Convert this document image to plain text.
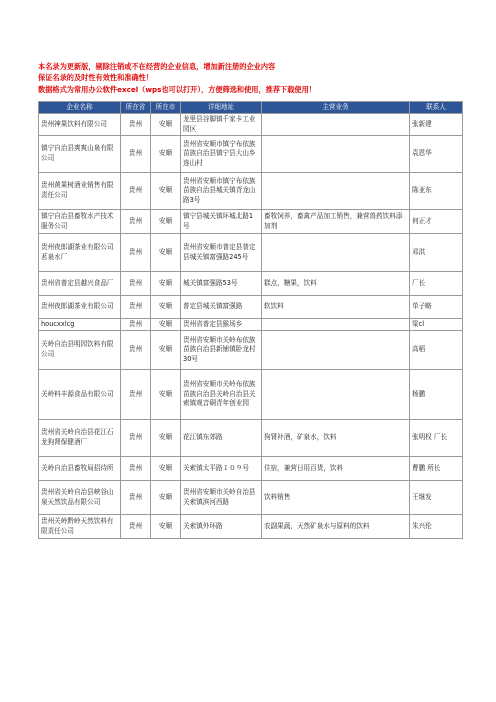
本名录为更新版，剔除注销或不在经营的企业信息，增加新注册的企业内容
保证名录的及时性有效性和准确性！
数据格式为常用办公软件excel（wps也可以打开），方便筛选和使用，推荐下载使用！
企业名称	所在省	所在市	详细地址	主营业务	联系人
贵州神果饮料有限公司	贵州	安顺	龙里县谷脚镇千家卡工业园区		张新建
镇宁自治县爽爽山泉有限公司	贵州	安顺	贵州省安顺市镇宁布依族苗族自治县镇宁县大山乡连山村		袁恩华
贵州黄果树酒业销售有限责任公司	贵州	安顺	贵州省安顺市镇宁布依族苗族自治县城关镇青龙山路3号		陈亚东
镇宁自治县畜牧水产技术服务公司	贵州	安顺	镇宁县城关镇环城北路1号	畜牧饲养，畜禽产品加工销售，兼营兽药饮料添加剂	何正才
贵州夜郎湖茶业有限公司茗泉水厂	贵州	安顺	贵州省安顺市普定县普定县城关镇富强路245号		邓洪
贵州省普定县越兴食品厂	贵州	安顺	城关镇富强路53号	糕点，糖果，饮料	厂长
贵州夜郎湖茶业有限公司	贵州	安顺	普定县城关镇富强路	软饮料	单子略
houcxxlcg	贵州	安顺	贵州省普定县猴场乡		梁cl
关岭自治县明园饮料有限公司	贵州	安顺	贵州省安顺市关岭布依族苗族自治县新铺镇卧龙村30号		高稻
关岭料丰源食品有限公司	贵州	安顺	贵州省安顺市关岭布依族苗族自治县关岭自治县关索镇观音硐青年创业园		杨鹏
贵州省关岭自治县花江石龙狗肾保健酒厂	贵州	安顺	花江镇东郊路	狗肾补酒，矿泉水，饮料	张明权 厂长
关岭自治县畜牧局招待所	贵州	安顺	关索镇太平路１０９号	住宿，兼营日用百货，饮料	曹鹏 所长
贵州省关岭自治县峡谷山泉天然饮品有限公司	贵州	安顺	贵州省安顺市关岭自治县关索镇滨河西路	饮料销售	王继发
贵州关岭黔岭天然饮料有限责任公司	贵州	安顺	关索镇外环路	农副果蔬，天然矿泉水与原料的饮料	朱兴伦
